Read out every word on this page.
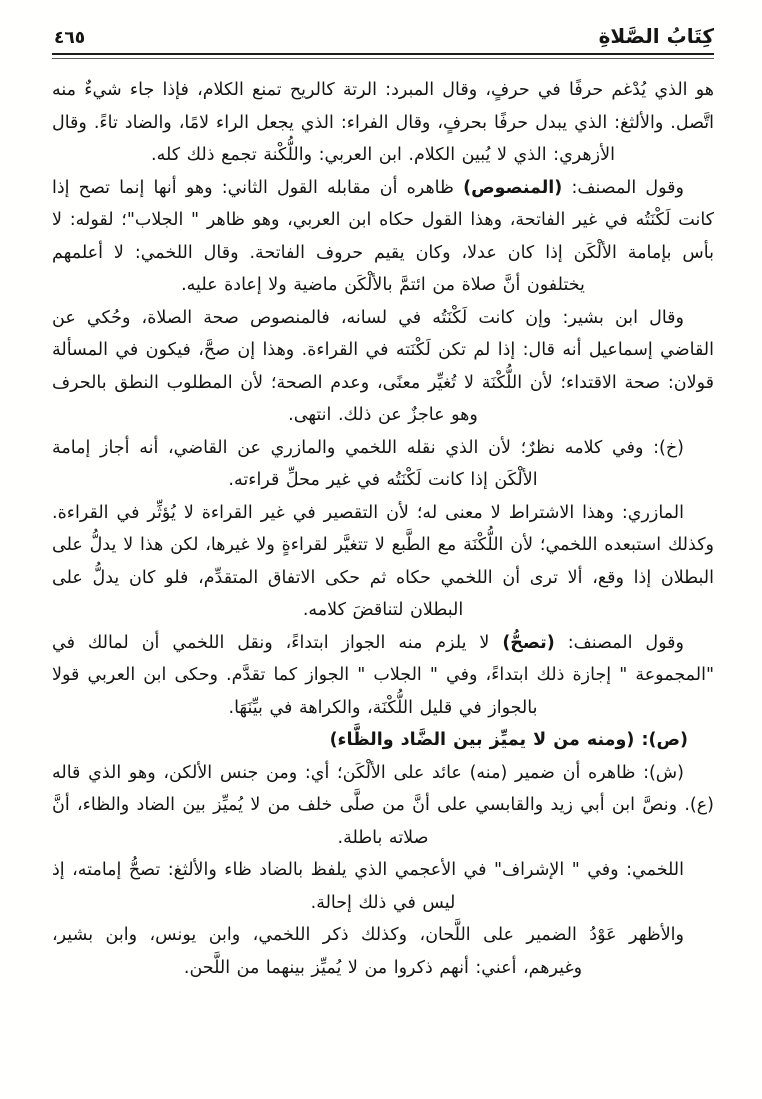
كِتَابُ الصَّلاةِ
٤٦٥

هو الذي يُدْغم حرفًا في حرفٍ، وقال المبرد: الرتة كالريح تمنع الكلام، فإذا جاء شيءٌ منه اتَّصل. والألثغ: الذي يبدل حرفًا بحرفٍ، وقال الفراء: الذي يجعل الراء لامًا، والضاد تاءً. وقال الأزهري: الذي لا يُبين الكلام. ابن العربي: واللُّكْنة تجمع ذلك كله.

وقول المصنف: (المنصوص) ظاهره أن مقابله القول الثاني: وهو أنها إنما تصح إذا كانت لَكْنَتُه في غير الفاتحة، وهذا القول حكاه ابن العربي، وهو ظاهر " الجلاب"؛ لقوله: لا بأس بإمامة الألْكَن إذا كان عدلا، وكان يقيم حروف الفاتحة. وقال اللخمي: لا أعلمهم يختلفون أنَّ صلاة من ائتمَّ بالألْكَن ماضية ولا إعادة عليه.

وقال ابن بشير: وإن كانت لَكْنَتُه في لسانه، فالمنصوص صحة الصلاة، وحُكي عن القاضي إسماعيل أنه قال: إذا لم تكن لَكْنَته في القراءة. وهذا إن صحَّ، فيكون في المسألة قولان: صحة الاقتداء؛ لأن اللُّكْنَة لا تُغيِّر معنًى، وعدم الصحة؛ لأن المطلوب النطق بالحرف وهو عاجزٌ عن ذلك. انتهى.

(خ): وفي كلامه نظرٌ؛ لأن الذي نقله اللخمي والمازري عن القاضي، أنه أجاز إمامة الألْكَن إذا كانت لَكْنَتُه في غير محلِّ قراءته.

المازري: وهذا الاشتراط لا معنى له؛ لأن التقصير في غير القراءة لا يُؤثِّر في القراءة. وكذلك استبعده اللخمي؛ لأن اللُّكْنَة مع الطَّبع لا تتغيَّر لقراءةٍ ولا غيرها، لكن هذا لا يدلُّ على البطلان إذا وقع، ألا ترى أن اللخمي حكاه ثم حكى الاتفاق المتقدِّم، فلو كان يدلُّ على البطلان لتناقضَ كلامه.

وقول المصنف: (تصحُّ) لا يلزم منه الجواز ابتداءً، ونقل اللخمي أن لمالك في "المجموعة " إجازة ذلك ابتداءً، وفي " الجلاب " الجواز كما تقدَّم. وحكى ابن العربي قولا بالجواز في قليل اللُّكْنَة، والكراهة في بيِّنَهَا.

(ص): (ومنه من لا يميِّز بين الضَّاد والظَّاء)

(ش): ظاهره أن ضمير (منه) عائد على الألْكَن؛ أي: ومن جنس الألكن، وهو الذي قاله (ع). ونصَّ ابن أبي زيد والقابسي على أنَّ من صلَّى خلف من لا يُميِّز بين الضاد والظاء، أنَّ صلاته باطلة.

اللخمي: وفي " الإشراف" في الأعجمي الذي يلفظ بالضاد ظاء والألثغ: تصحُّ إمامته، إذ ليس في ذلك إحالة.

والأظهر عَوْدُ الضمير على اللَّحان، وكذلك ذكر اللخمي، وابن يونس، وابن بشير، وغيرهم، أعني: أنهم ذكروا من لا يُميِّز بينهما من اللَّحن.
